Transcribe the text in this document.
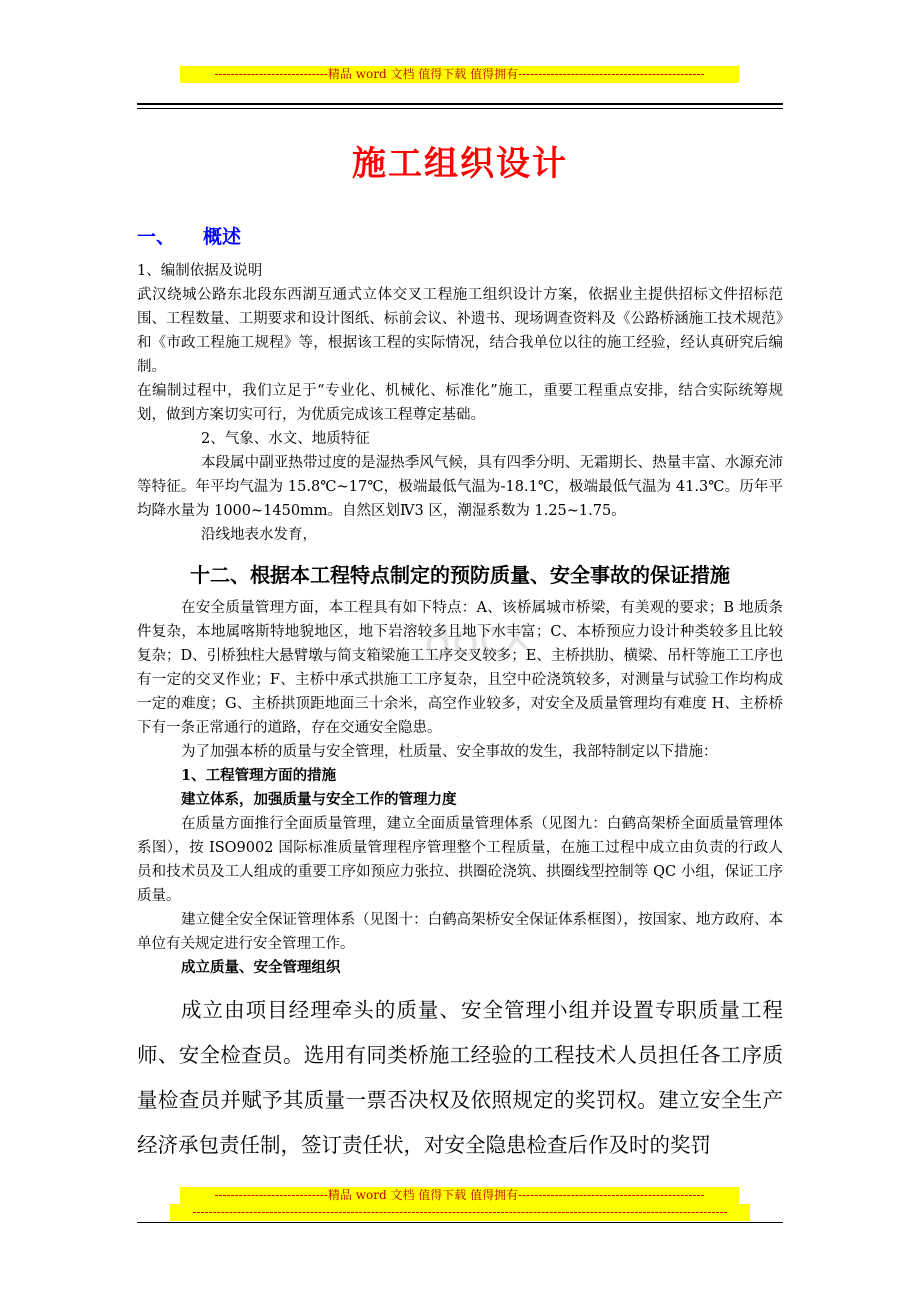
----------------------------精品 word 文档 值得下载 值得拥有----------------------------------------------
.docx
施工组织设计
一、 概述
1、编制依据及说明
武汉绕城公路东北段东西湖互通式立体交叉工程施工组织设计方案，依据业主提供招标文件招标范围、工程数量、工期要求和设计图纸、标前会议、补遗书、现场调查资料及《公路桥涵施工技术规范》和《市政工程施工规程》等，根据该工程的实际情况，结合我单位以往的施工经验，经认真研究后编制。
在编制过程中，我们立足于“专业化、机械化、标准化”施工，重要工程重点安排，结合实际统筹规划，做到方案切实可行，为优质完成该工程尊定基础。
2、气象、水文、地质特征
本段属中副亚热带过度的是湿热季风气候，具有四季分明、无霜期长、热量丰富、水源充沛等特征。年平均气温为 15.8℃~17℃，极端最低气温为-18.1℃，极端最低气温为 41.3℃。历年平均降水量为 1000~1450mm。自然区划Ⅳ3 区，潮湿系数为 1.25~1.75。
沿线地表水发育，
十二、根据本工程特点制定的预防质量、安全事故的保证措施
在安全质量管理方面，本工程具有如下特点：A、该桥属城市桥梁，有美观的要求；B 地质条件复杂，本地属喀斯特地貌地区，地下岩溶较多且地下水丰富；C、本桥预应力设计种类较多且比较复杂；D、引桥独柱大悬臂墩与简支箱梁施工工序交叉较多；E、主桥拱肋、横梁、吊杆等施工工序也有一定的交叉作业；F、主桥中承式拱施工工序复杂，且空中砼浇筑较多，对测量与试验工作均构成一定的难度；G、主桥拱顶距地面三十余米，高空作业较多，对安全及质量管理均有难度 H、主桥桥下有一条正常通行的道路，存在交通安全隐患。
为了加强本桥的质量与安全管理，杜质量、安全事故的发生，我部特制定以下措施：
1、工程管理方面的措施
建立体系，加强质量与安全工作的管理力度
在质量方面推行全面质量管理，建立全面质量管理体系（见图九：白鹤高架桥全面质量管理体系图），按 ISO9002 国际标准质量管理程序管理整个工程质量，在施工过程中成立由负责的行政人员和技术员及工人组成的重要工序如预应力张拉、拱圈砼浇筑、拱圈线型控制等 QC 小组，保证工序质量。
建立健全安全保证管理体系（见图十：白鹤高架桥安全保证体系框图），按国家、地方政府、本单位有关规定进行安全管理工作。
成立质量、安全管理组织
成立由项目经理牵头的质量、安全管理小组并设置专职质量工程师、安全检查员。选用有同类桥施工经验的工程技术人员担任各工序质量检查员并赋予其质量一票否决权及依照规定的奖罚权。建立安全生产经济承包责任制，签订责任状，对安全隐患检查后作及时的奖罚
----------------------------精品 word 文档 值得下载 值得拥有----------------------------------------------
------------------------------------------------------------------------------------------------------------------------------------
